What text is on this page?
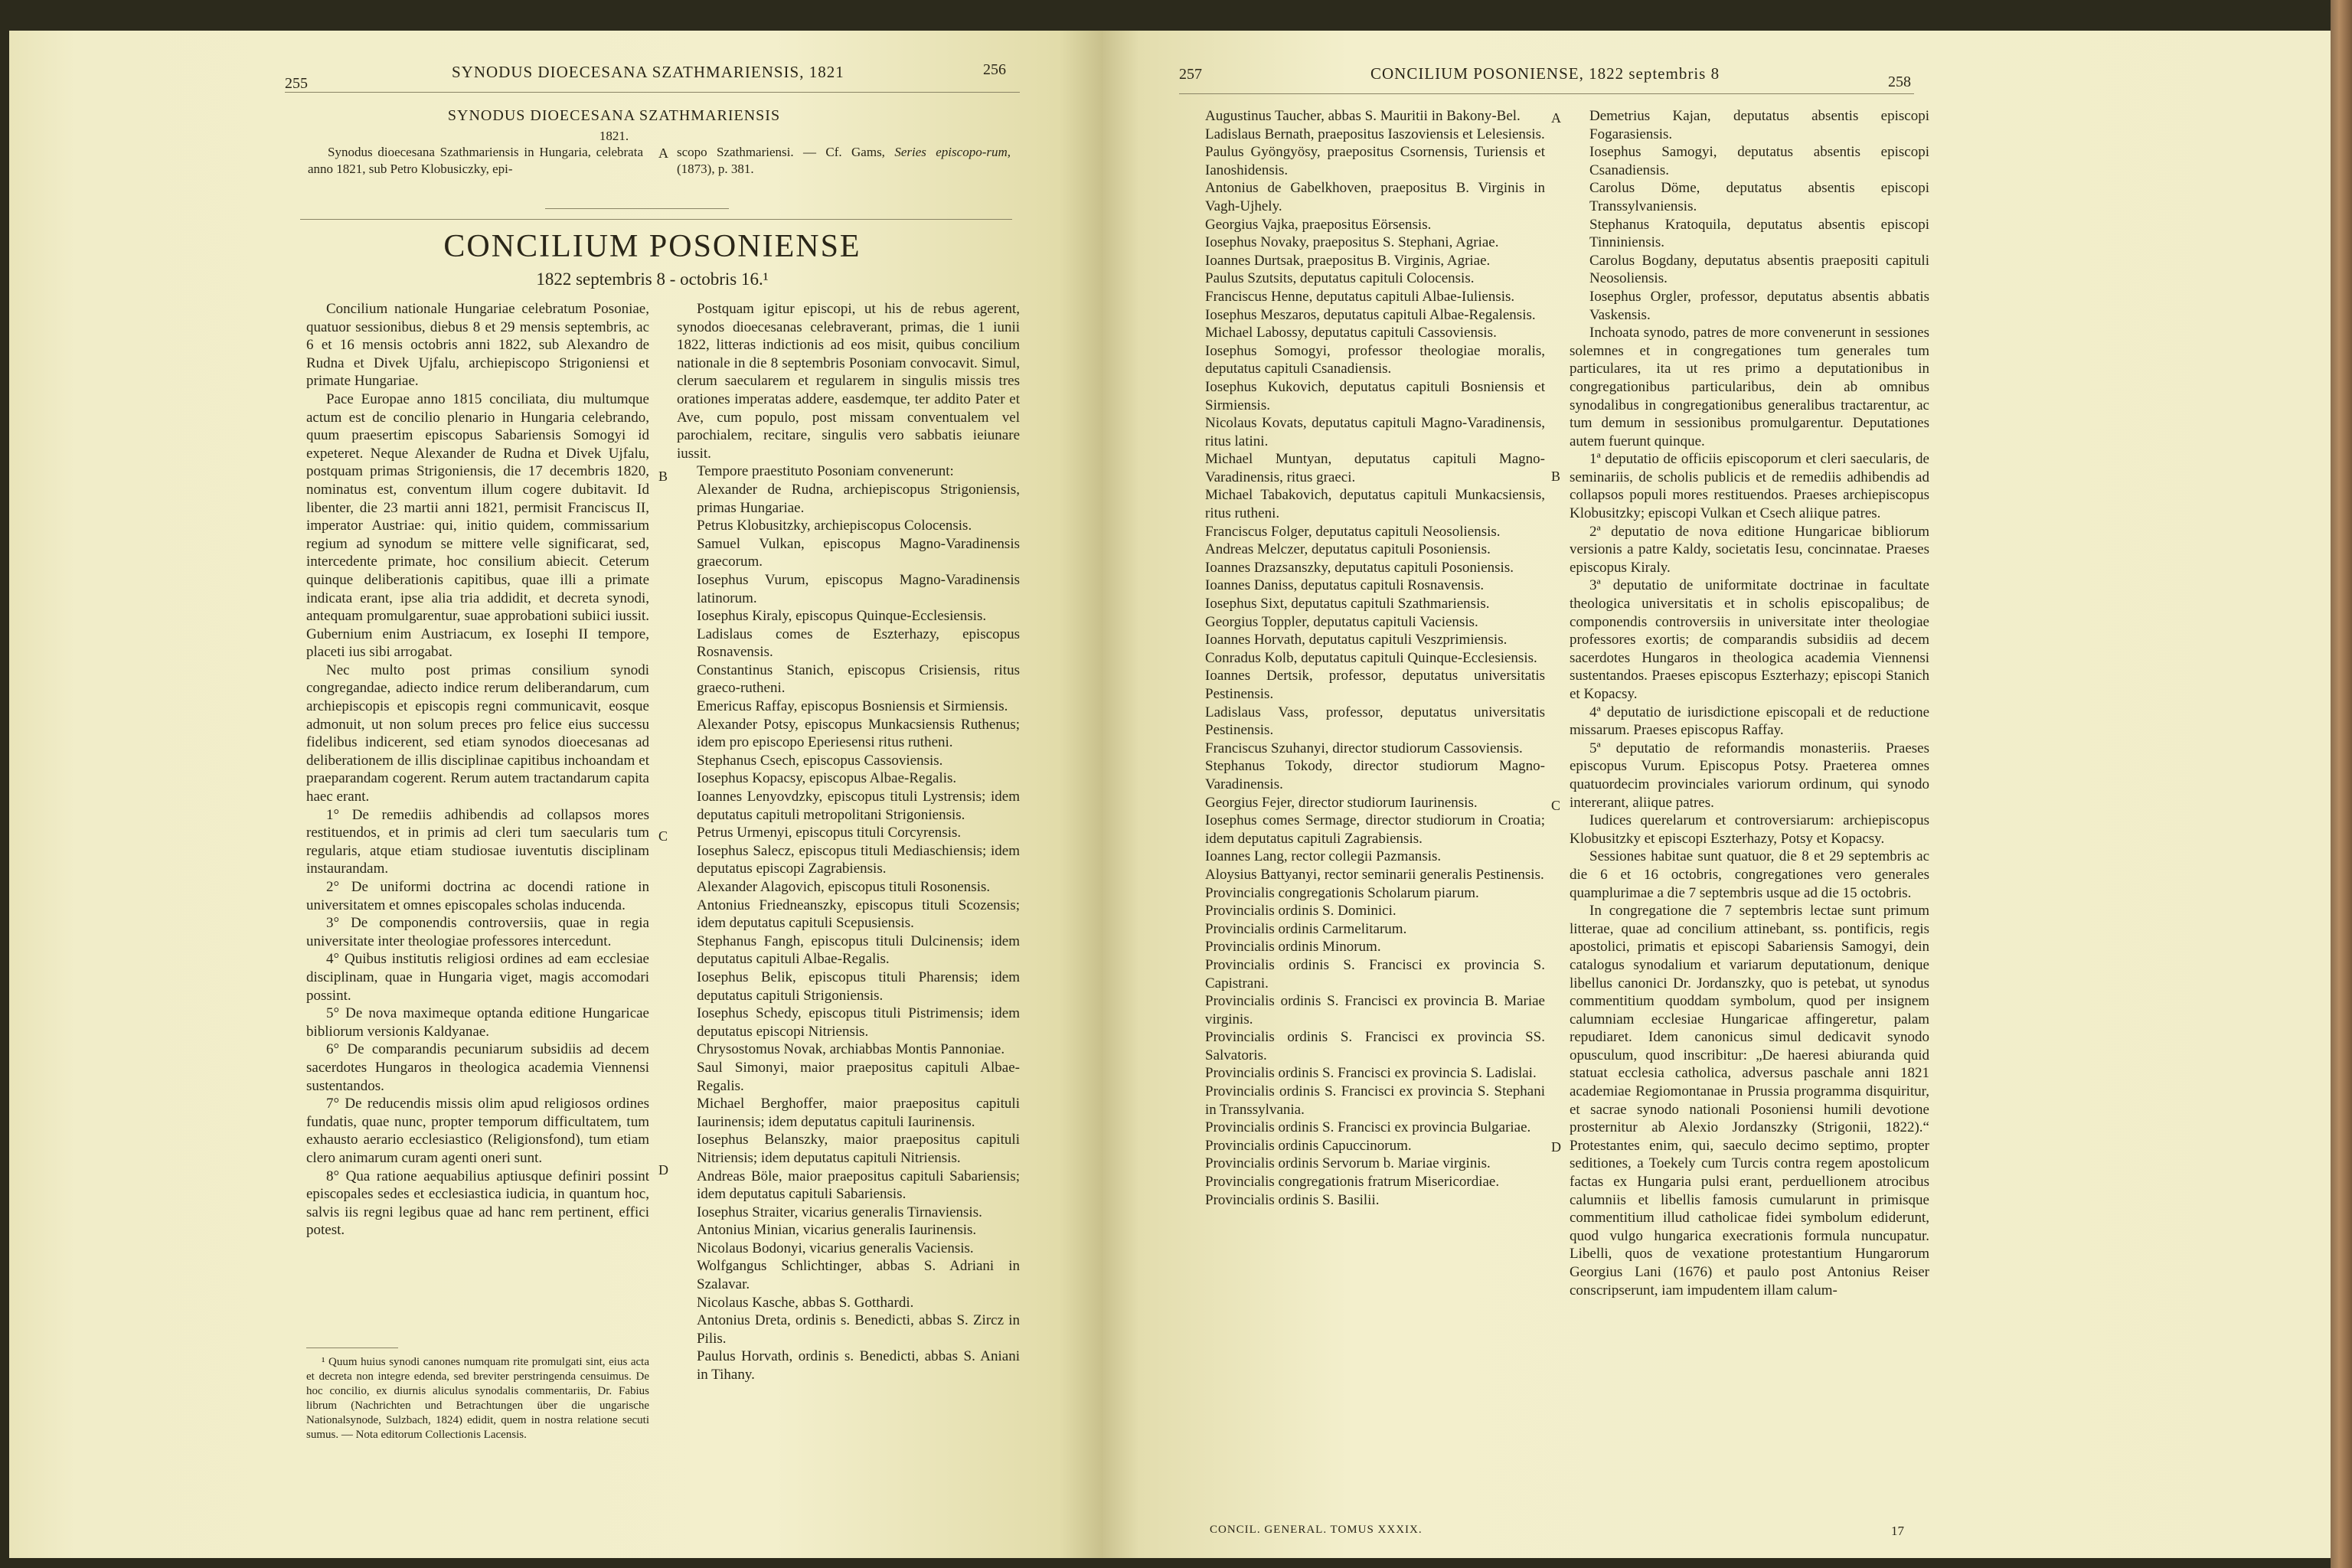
255
SYNODUS DIOECESANA SZATHMARIENSIS, 1821	256
SYNODUS DIOECESANA SZATHMARIENSIS
1821.

Synodus dioecesana Szathmariensis in Hungaria, celebrata anno 1821, sub Petro Klobusiczky, epi-

scopo Szathmariensi. — Cf. Gams, Series episcopo-rum, (1873), p. 381.

A
CONCILIUM POSONIENSE
1822 septembris 8 - octobris 16.¹

Concilium nationale Hungariae celebratum Posoniae, quatuor sessionibus, diebus 8 et 29 mensis septembris, ac 6 et 16 mensis octobris anni 1822, sub Alexandro de Rudna et Divek Ujfalu, archiepiscopo Strigoniensi et primate Hungariae.

Pace Europae anno 1815 conciliata, diu multumque actum est de concilio plenario in Hungaria celebrando, quum praesertim episcopus Sabariensis Somogyi id expeteret. Neque Alexander de Rudna et Divek Ujfalu, postquam primas Strigoniensis, die 17 decembris 1820, nominatus est, conventum illum cogere dubitavit. Id libenter, die 23 martii anni 1821, permisit Franciscus II, imperator Austriae: qui, initio quidem, commissarium regium ad synodum se mittere velle significarat, sed, intercedente primate, hoc consilium abiecit. Ceterum quinque deliberationis capitibus, quae illi a primate indicata erant, ipse alia tria addidit, et decreta synodi, antequam promulgarentur, suae approbationi subiici iussit. Gubernium enim Austriacum, ex Iosephi II tempore, placeti ius sibi arrogabat.

Nec multo post primas consilium synodi congregandae, adiecto indice rerum deliberandarum, cum archiepiscopis et episcopis regni communicavit, eosque admonuit, ut non solum preces pro felice eius successu fidelibus indicerent, sed etiam synodos dioecesanas ad deliberationem de illis disciplinae capitibus inchoandam et praeparandam cogerent. Rerum autem tractandarum capita haec erant.

1° De remediis adhibendis ad collapsos mores restituendos, et in primis ad cleri tum saecularis tum regularis, atque etiam studiosae iuventutis disciplinam instaurandam.

2° De uniformi doctrina ac docendi ratione in universitatem et omnes episcopales scholas inducenda.

3° De componendis controversiis, quae in regia universitate inter theologiae professores intercedunt.

4° Quibus institutis religiosi ordines ad eam ecclesiae disciplinam, quae in Hungaria viget, magis accomodari possint.

5° De nova maximeque optanda editione Hungaricae bibliorum versionis Kaldyanae.

6° De comparandis pecuniarum subsidiis ad decem sacerdotes Hungaros in theologica academia Viennensi sustentandos.

7° De reducendis missis olim apud religiosos ordines fundatis, quae nunc, propter temporum difficultatem, tum exhausto aerario ecclesiastico (Religionsfond), tum etiam clero animarum curam agenti oneri sunt.

8° Qua ratione aequabilius aptiusque definiri possint episcopales sedes et ecclesiastica iudicia, in quantum hoc, salvis iis regni legibus quae ad hanc rem pertinent, effici potest.

¹ Quum huius synodi canones numquam rite promulgati sint, eius acta et decreta non integre edenda, sed breviter perstringenda censuimus. De hoc concilio, ex diurnis aliculus synodalis commentariis, Dr. Fabius librum (Nachrichten und Betrachtungen über die ungarische Nationalsynode, Sulzbach, 1824) edidit, quem in nostra relatione secuti sumus. — Nota editorum Collectionis Lacensis.

B
C
D

Postquam igitur episcopi, ut his de rebus agerent, synodos dioecesanas celebraverant, primas, die 1 iunii 1822, litteras indictionis ad eos misit, quibus concilium nationale in die 8 septembris Posoniam convocavit. Simul, clerum saecularem et regularem in singulis missis tres orationes imperatas addere, easdemque, ter addito Pater et Ave, cum populo, post missam conventualem vel parochialem, recitare, singulis vero sabbatis ieiunare iussit.

Tempore praestituto Posoniam convenerunt:

Alexander de Rudna, archiepiscopus Strigoniensis, primas Hungariae.

Petrus Klobusitzky, archiepiscopus Colocensis.

Samuel Vulkan, episcopus Magno-Varadinensis graecorum.

Iosephus Vurum, episcopus Magno-Varadinensis latinorum.

Iosephus Kiraly, episcopus Quinque-Ecclesiensis.

Ladislaus comes de Eszterhazy, episcopus Rosnavensis.

Constantinus Stanich, episcopus Crisiensis, ritus graeco-rutheni.

Emericus Raffay, episcopus Bosniensis et Sirmiensis.

Alexander Potsy, episcopus Munkacsiensis Ruthenus; idem pro episcopo Eperiesensi ritus rutheni.

Stephanus Csech, episcopus Cassoviensis.

Iosephus Kopacsy, episcopus Albae-Regalis.

Ioannes Lenyovdzky, episcopus tituli Lystrensis; idem deputatus capituli metropolitani Strigoniensis.

Petrus Urmenyi, episcopus tituli Corcyrensis.

Iosephus Salecz, episcopus tituli Mediaschiensis; idem deputatus episcopi Zagrabiensis.

Alexander Alagovich, episcopus tituli Rosonensis.

Antonius Friedneanszky, episcopus tituli Scozensis; idem deputatus capituli Scepusiensis.

Stephanus Fangh, episcopus tituli Dulcinensis; idem deputatus capituli Albae-Regalis.

Iosephus Belik, episcopus tituli Pharensis; idem deputatus capituli Strigoniensis.

Iosephus Schedy, episcopus tituli Pistrimensis; idem deputatus episcopi Nitriensis.

Chrysostomus Novak, archiabbas Montis Pannoniae.

Saul Simonyi, maior praepositus capituli Albae-Regalis.

Michael Berghoffer, maior praepositus capituli Iaurinensis; idem deputatus capituli Iaurinensis.

Iosephus Belanszky, maior praepositus capituli Nitriensis; idem deputatus capituli Nitriensis.

Andreas Böle, maior praepositus capituli Sabariensis; idem deputatus capituli Sabariensis.

Iosephus Straiter, vicarius generalis Tirnaviensis.

Antonius Minian, vicarius generalis Iaurinensis.

Nicolaus Bodonyi, vicarius generalis Vaciensis.

Wolfgangus Schlichtinger, abbas S. Adriani in Szalavar.

Nicolaus Kasche, abbas S. Gotthardi.

Antonius Dreta, ordinis s. Benedicti, abbas S. Zircz in Pilis.

Paulus Horvath, ordinis s. Benedicti, abbas S. Aniani in Tihany.

257	CONCILIUM POSONIENSE, 1822 septembris 8	258
A
B
C
D

Augustinus Taucher, abbas S. Mauritii in Bakony-Bel.

Ladislaus Bernath, praepositus Iaszoviensis et Lelesiensis.

Paulus Gyöngyösy, praepositus Csornensis, Turiensis et Ianoshidensis.

Antonius de Gabelkhoven, praepositus B. Virginis in Vagh-Ujhely.

Georgius Vajka, praepositus Eörsensis.

Iosephus Novaky, praepositus S. Stephani, Agriae.

Ioannes Durtsak, praepositus B. Virginis, Agriae.

Paulus Szutsits, deputatus capituli Colocensis.

Franciscus Henne, deputatus capituli Albae-Iuliensis.

Iosephus Meszaros, deputatus capituli Albae-Regalensis.

Michael Labossy, deputatus capituli Cassoviensis.

Iosephus Somogyi, professor theologiae moralis, deputatus capituli Csanadiensis.

Iosephus Kukovich, deputatus capituli Bosniensis et Sirmiensis.

Nicolaus Kovats, deputatus capituli Magno-Varadinensis, ritus latini.

Michael Muntyan, deputatus capituli Magno-Varadinensis, ritus graeci.

Michael Tabakovich, deputatus capituli Munkacsiensis, ritus rutheni.

Franciscus Folger, deputatus capituli Neosoliensis.

Andreas Melczer, deputatus capituli Posoniensis.

Ioannes Drazsanszky, deputatus capituli Posoniensis.

Ioannes Daniss, deputatus capituli Rosnavensis.

Iosephus Sixt, deputatus capituli Szathmariensis.

Georgius Toppler, deputatus capituli Vaciensis.

Ioannes Horvath, deputatus capituli Veszprimiensis.

Conradus Kolb, deputatus capituli Quinque-Ecclesiensis.

Ioannes Dertsik, professor, deputatus universitatis Pestinensis.

Ladislaus Vass, professor, deputatus universitatis Pestinensis.

Franciscus Szuhanyi, director studiorum Cassoviensis.

Stephanus Tokody, director studiorum Magno-Varadinensis.

Georgius Fejer, director studiorum Iaurinensis.

Iosephus comes Sermage, director studiorum in Croatia; idem deputatus capituli Zagrabiensis.

Ioannes Lang, rector collegii Pazmansis.

Aloysius Battyanyi, rector seminarii generalis Pestinensis.

Provincialis congregationis Scholarum piarum.

Provincialis ordinis S. Dominici.

Provincialis ordinis Carmelitarum.

Provincialis ordinis Minorum.

Provincialis ordinis S. Francisci ex provincia S. Capistrani.

Provincialis ordinis S. Francisci ex provincia B. Mariae virginis.

Provincialis ordinis S. Francisci ex provincia SS. Salvatoris.

Provincialis ordinis S. Francisci ex provincia S. Ladislai.

Provincialis ordinis S. Francisci ex provincia S. Stephani in Transsylvania.

Provincialis ordinis S. Francisci ex provincia Bulgariae.

Provincialis ordinis Capuccinorum.

Provincialis ordinis Servorum b. Mariae virginis.

Provincialis congregationis fratrum Misericordiae.

Provincialis ordinis S. Basilii.

CONCIL. GENERAL. TOMUS XXXIX.

Demetrius Kajan, deputatus absentis episcopi Fogarasiensis.

Iosephus Samogyi, deputatus absentis episcopi Csanadiensis.

Carolus Döme, deputatus absentis episcopi Transsylvaniensis.

Stephanus Kratoquila, deputatus absentis episcopi Tinniniensis.

Carolus Bogdany, deputatus absentis praepositi capituli Neosoliensis.

Iosephus Orgler, professor, deputatus absentis abbatis Vaskensis.

Inchoata synodo, patres de more convenerunt in sessiones solemnes et in congregationes tum generales tum particulares, ita ut res primo a deputationibus in congregationibus particularibus, dein ab omnibus synodalibus in congregationibus generalibus tractarentur, ac tum demum in sessionibus promulgarentur. Deputationes autem fuerunt quinque.

1ª deputatio de officiis episcoporum et cleri saecularis, de seminariis, de scholis publicis et de remediis adhibendis ad collapsos populi mores restituendos. Praeses archiepiscopus Klobusitzky; episcopi Vulkan et Csech aliique patres.

2ª deputatio de nova editione Hungaricae bibliorum versionis a patre Kaldy, societatis Iesu, concinnatae. Praeses episcopus Kiraly.

3ª deputatio de uniformitate doctrinae in facultate theologica universitatis et in scholis episcopalibus; de componendis controversiis in universitate inter theologiae professores exortis; de comparandis subsidiis ad decem sacerdotes Hungaros in theologica academia Viennensi sustentandos. Praeses episcopus Eszterhazy; episcopi Stanich et Kopacsy.

4ª deputatio de iurisdictione episcopali et de reductione missarum. Praeses episcopus Raffay.

5ª deputatio de reformandis monasteriis. Praeses episcopus Vurum. Episcopus Potsy. Praeterea omnes quatuordecim provinciales variorum ordinum, qui synodo intererant, aliique patres.

Iudices querelarum et controversiarum: archiepiscopus Klobusitzky et episcopi Eszterhazy, Potsy et Kopacsy.

Sessiones habitae sunt quatuor, die 8 et 29 septembris ac die 6 et 16 octobris, congregationes vero generales quamplurimae a die 7 septembris usque ad die 15 octobris.

In congregatione die 7 septembris lectae sunt primum litterae, quae ad concilium attinebant, ss. pontificis, regis apostolici, primatis et episcopi Sabariensis Samogyi, dein catalogus synodalium et variarum deputationum, denique libellus canonici Dr. Jordanszky, quo is petebat, ut synodus commentitium quoddam symbolum, quod per insignem calumniam ecclesiae Hungaricae affingeretur, palam repudiaret. Idem canonicus simul dedicavit synodo opusculum, quod inscribitur: „De haeresi abiuranda quid statuat ecclesia catholica, adversus paschale anni 1821 academiae Regiomontanae in Prussia programma disquiritur, et sacrae synodo nationali Posoniensi humili devotione prosternitur ab Alexio Jordanszky (Strigonii, 1822).“ Protestantes enim, qui, saeculo decimo septimo, propter seditiones, a Toekely cum Turcis contra regem apostolicum factas ex Hungaria pulsi erant, perduellionem atrocibus calumniis et libellis famosis cumularunt in primisque commentitium illud catholicae fidei symbolum ediderunt, quod vulgo hungarica execrationis formula nuncupatur. Libelli, quos de vexatione protestantium Hungarorum Georgius Lani (1676) et paulo post Antonius Reiser conscripserunt, iam impudentem illam calum-

17
